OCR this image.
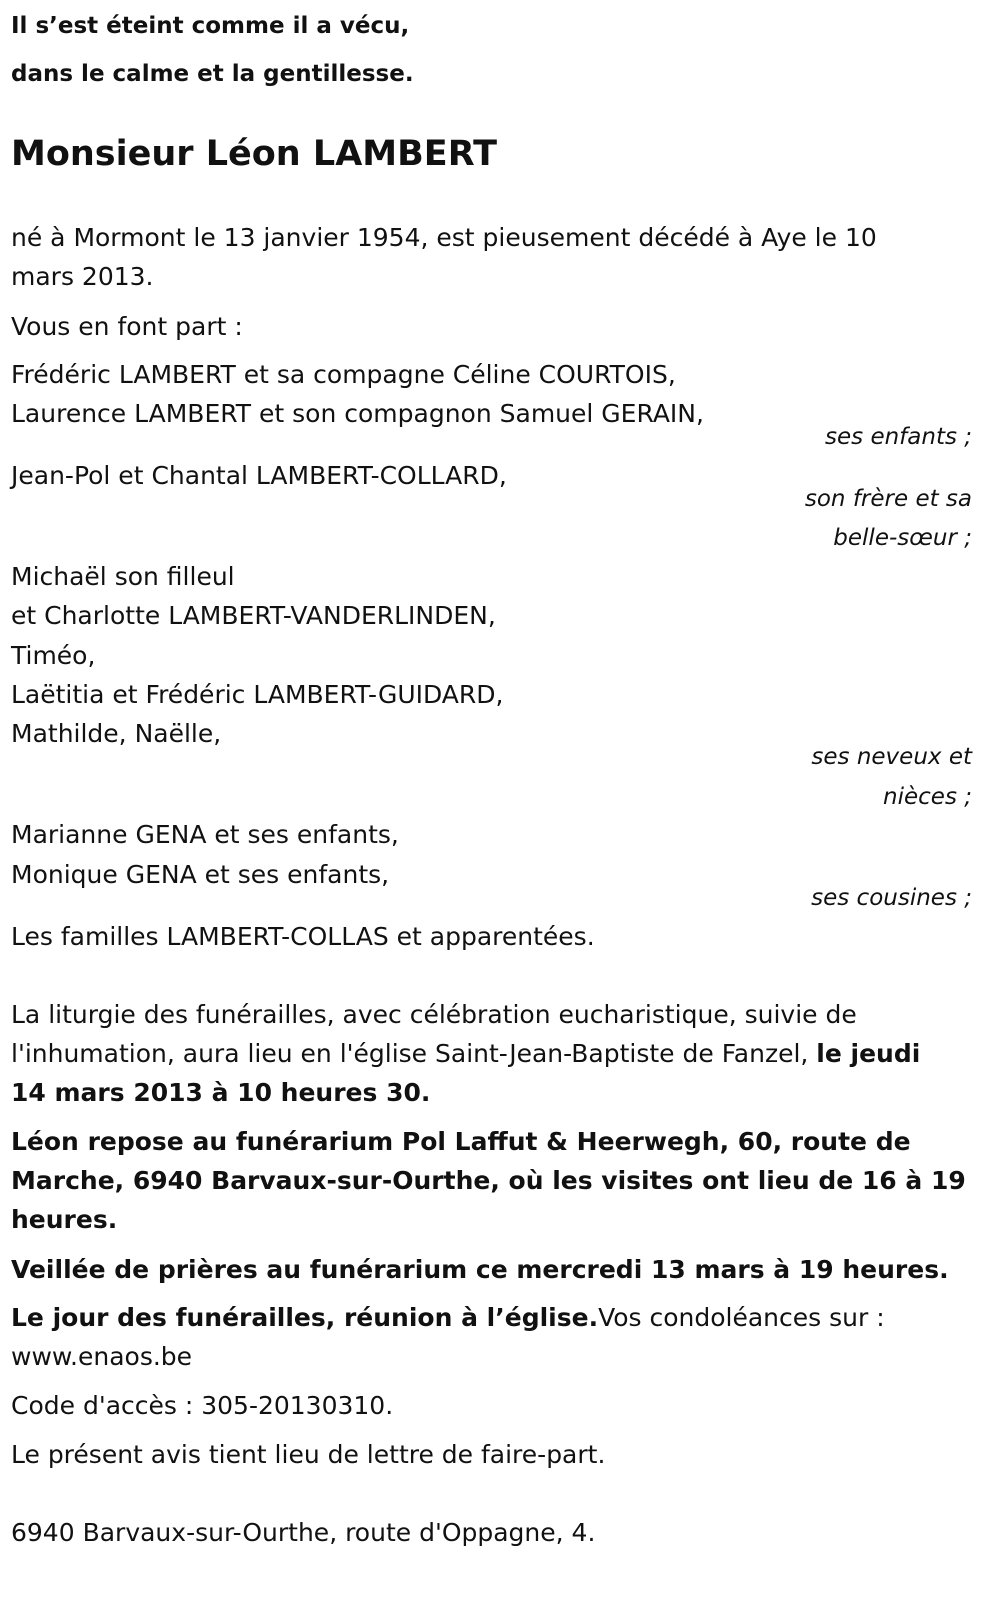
Il s’est éteint comme il a vécu,
dans le calme et la gentillesse.
Monsieur Léon LAMBERT
né à Mormont le 13 janvier 1954, est pieusement décédé à Aye le 10
mars 2013.
Vous en font part :
Frédéric LAMBERT et sa compagne Céline COURTOIS,
Laurence LAMBERT et son compagnon Samuel GERAIN,
ses enfants ;
Jean-Pol et Chantal LAMBERT-COLLARD,
son frère et sa
belle-sœur ;
Michaël son filleul
et Charlotte LAMBERT-VANDERLINDEN,
Timéo,
Laëtitia et Frédéric LAMBERT-GUIDARD,
Mathilde, Naëlle,
ses neveux et
nièces ;
Marianne GENA et ses enfants,
Monique GENA et ses enfants,
ses cousines ;
Les familles LAMBERT-COLLAS et apparentées.
La liturgie des funérailles, avec célébration eucharistique, suivie de
l'inhumation, aura lieu en l'église Saint-Jean-Baptiste de Fanzel, le jeudi
14 mars 2013 à 10 heures 30.
Léon repose au funérarium Pol Laffut & Heerwegh, 60, route de
Marche, 6940 Barvaux-sur-Ourthe, où les visites ont lieu de 16 à 19
heures.
Veillée de prières au funérarium ce mercredi 13 mars à 19 heures.
Le jour des funérailles, réunion à l’église.Vos condoléances sur :
www.enaos.be
Code d'accès : 305-20130310.
Le présent avis tient lieu de lettre de faire-part.
6940 Barvaux-sur-Ourthe, route d'Oppagne, 4.
